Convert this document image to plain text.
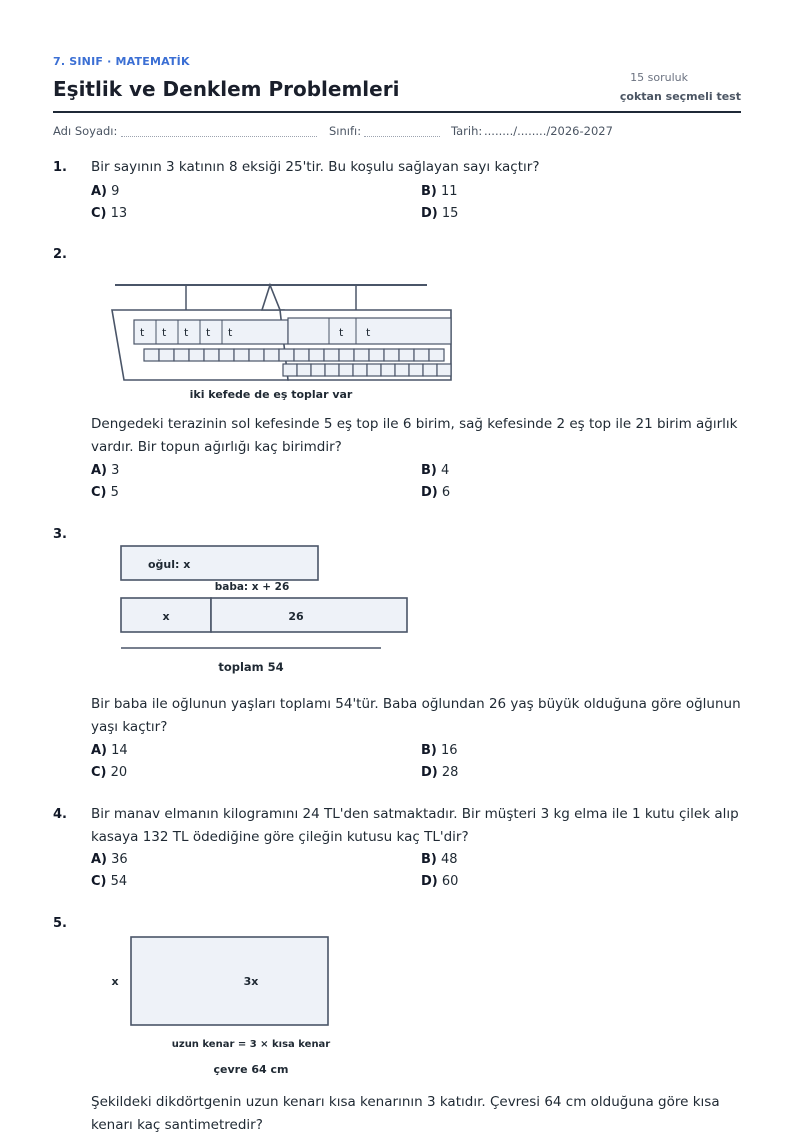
7. SINIF · MATEMATİK
Eşitlik ve Denklem Problemleri	15 soruluk
çoktan seçmeli test
Adı Soyadı:	Sınıfı:	Tarih: ......../......../2026-2027
1. Bir sayının 3 katının 8 eksiği 25'tir. Bu koşulu sağlayan sayı kaçtır?
A) 9	B) 11
C) 13	D) 15
2.
t t t t t	t t
iki kefede de eş toplar var
Dengedeki terazinin sol kefesinde 5 eş top ile 6 birim, sağ kefesinde 2 eş top ile 21 birim ağırlık vardır. Bir topun ağırlığı kaç birimdir?
A) 3	B) 4
C) 5	D) 6
3.
oğul: x
baba: x + 26
x	26
toplam 54
Bir baba ile oğlunun yaşları toplamı 54'tür. Baba oğlundan 26 yaş büyük olduğuna göre oğlunun yaşı kaçtır?
A) 14	B) 16
C) 20	D) 28
4. Bir manav elmanın kilogramını 24 TL'den satmaktadır. Bir müşteri 3 kg elma ile 1 kutu çilek alıp kasaya 132 TL ödediğine göre çileğin kutusu kaç TL'dir?
A) 36	B) 48
C) 54	D) 60
5.
x	3x
uzun kenar = 3 × kısa kenar
çevre 64 cm
Şekildeki dikdörtgenin uzun kenarı kısa kenarının 3 katıdır. Çevresi 64 cm olduğuna göre kısa kenarı kaç santimetredir?
